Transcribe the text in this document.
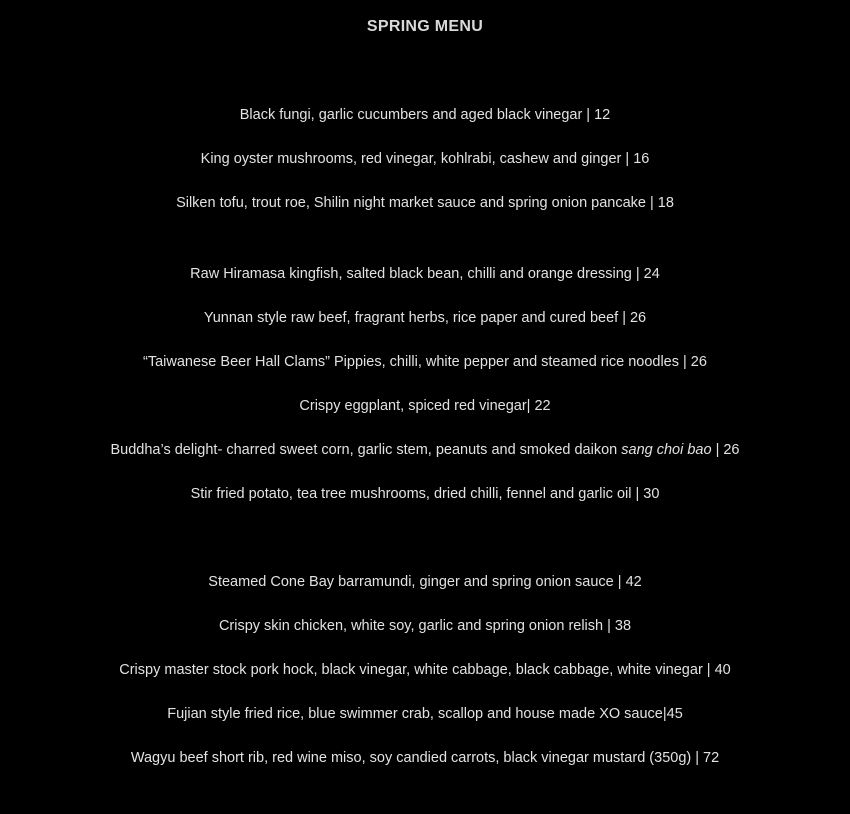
SPRING MENU
Black fungi, garlic cucumbers and aged black vinegar | 12
King oyster mushrooms, red vinegar, kohlrabi, cashew and ginger | 16
Silken tofu, trout roe, Shilin night market sauce and spring onion pancake | 18
Raw Hiramasa kingfish, salted black bean, chilli and orange dressing | 24
Yunnan style raw beef, fragrant herbs, rice paper and cured beef | 26
“Taiwanese Beer Hall Clams” Pippies, chilli, white pepper and steamed rice noodles | 26
Crispy eggplant, spiced red vinegar| 22
Buddha’s delight- charred sweet corn, garlic stem, peanuts and smoked daikon sang choi bao | 26
Stir fried potato, tea tree mushrooms, dried chilli, fennel and garlic oil | 30
Steamed Cone Bay barramundi, ginger and spring onion sauce | 42
Crispy skin chicken, white soy, garlic and spring onion relish | 38
Crispy master stock pork hock, black vinegar, white cabbage, black cabbage, white vinegar | 40
Fujian style fried rice, blue swimmer crab, scallop and house made XO sauce|45
Wagyu beef short rib, red wine miso, soy candied carrots, black vinegar mustard (350g) | 72
